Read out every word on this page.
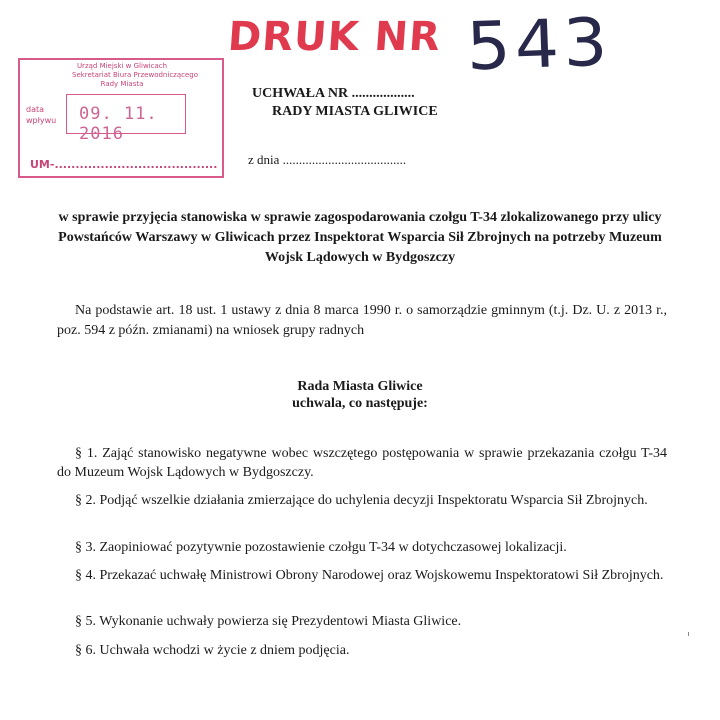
DRUK NR 543
Urząd Miejski w Gliwicach
Sekretariat Biura Przewodniczącego
Rady Miasta
data wpływu 09. 11. 2016
UM-.......................................
UCHWAŁA NR ..................
RADY MIASTA GLIWICE
z dnia ......................................
w sprawie przyjęcia stanowiska w sprawie zagospodarowania czołgu T-34 zlokalizowanego przy ulicy Powstańców Warszawy w Gliwicach przez Inspektorat Wsparcia Sił Zbrojnych na potrzeby Muzeum Wojsk Lądowych w Bydgoszczy
Na podstawie art. 18 ust. 1 ustawy z dnia 8 marca 1990 r. o samorządzie gminnym (t.j. Dz. U. z 2013 r., poz. 594 z późn. zmianami) na wniosek grupy radnych
Rada Miasta Gliwice
uchwala, co następuje:
§ 1. Zająć stanowisko negatywne wobec wszczętego postępowania w sprawie przekazania czołgu T-34 do Muzeum Wojsk Lądowych w Bydgoszczy.
§ 2. Podjąć wszelkie działania zmierzające do uchylenia decyzji Inspektoratu Wsparcia Sił Zbrojnych.
§ 3. Zaopiniować pozytywnie pozostawienie czołgu T-34 w dotychczasowej lokalizacji.
§ 4. Przekazać uchwałę Ministrowi Obrony Narodowej oraz Wojskowemu Inspektoratowi Sił Zbrojnych.
§ 5. Wykonanie uchwały powierza się Prezydentowi Miasta Gliwice.
§ 6. Uchwała wchodzi w życie z dniem podjęcia.
